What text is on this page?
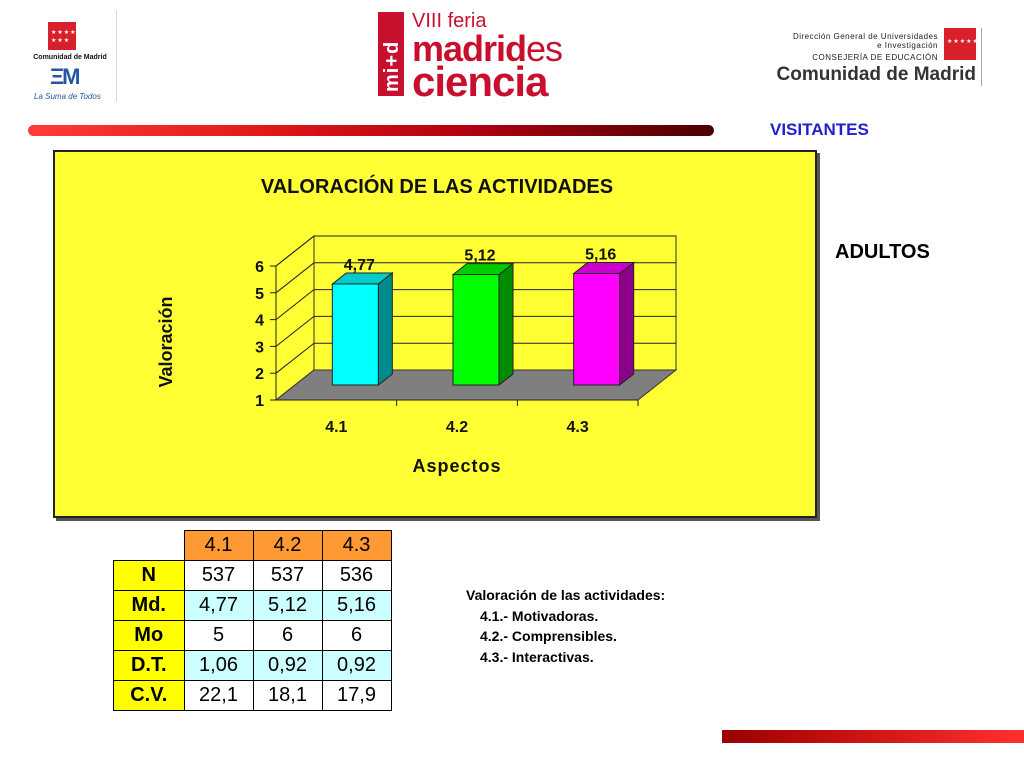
★★★★
★★★
Comunidad de Madrid
ΞM
La Suma de Todos
mi+d
VIII feria
madrides
ciencia
Dirección General de Universidades
e Investigación
CONSEJERÍA DE EDUCACIÓN
★★★★★
Comunidad de Madrid
VISITANTES
ADULTOS
VALORACIÓN DE LAS ACTIVIDADES
1
2
3
4
5
6	4,77
4.1
5,12
4.2
5,16
4.3
Aspectos
Valoración
	4.1	4.2	4.3
N	537	537	536
Md.	4,77	5,12	5,16
Mo	5	6	6
D.T.	1,06	0,92	0,92
C.V.	22,1	18,1	17,9
Valoración de las actividades:
4.1.- Motivadoras.
4.2.- Comprensibles.
4.3.- Interactivas.
